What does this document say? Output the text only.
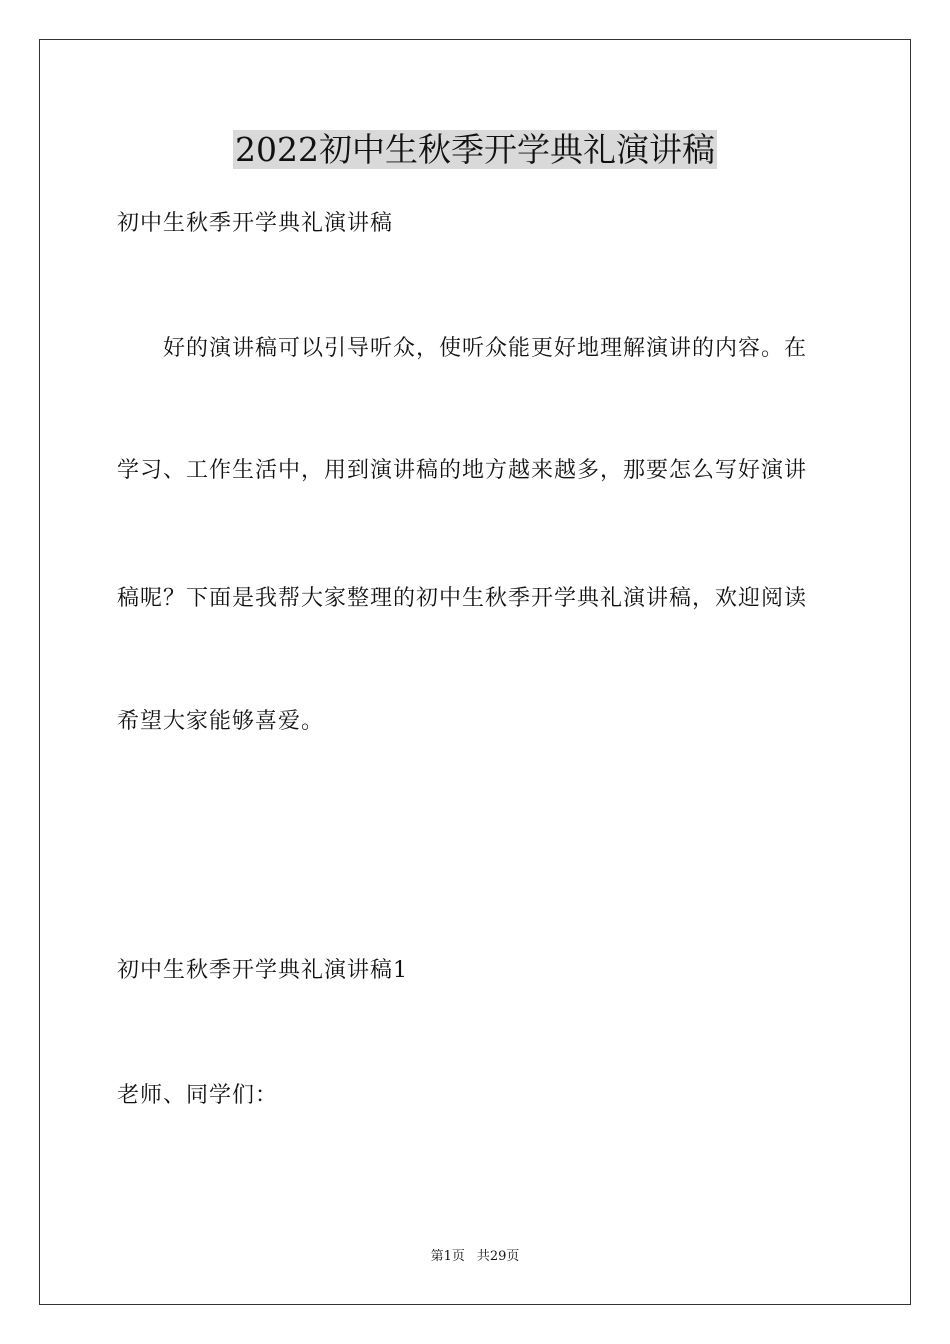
2022初中生秋季开学典礼演讲稿

初中生秋季开学典礼演讲稿

好的演讲稿可以引导听众，使听众能更好地理解演讲的内容。在

学习、工作生活中，用到演讲稿的地方越来越多，那要怎么写好演讲

稿呢？下面是我帮大家整理的初中生秋季开学典礼演讲稿，欢迎阅读

希望大家能够喜爱。

初中生秋季开学典礼演讲稿1

老师、同学们：

第1页 共29页
